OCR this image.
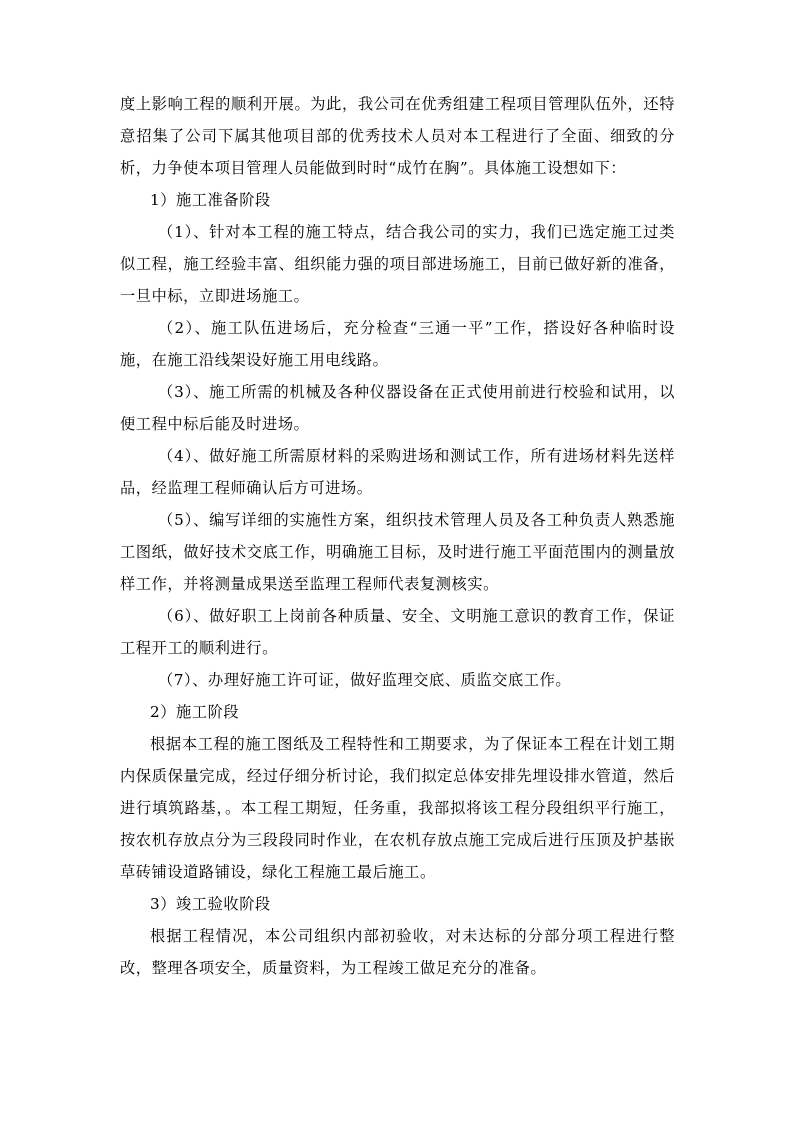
度上影响工程的顺利开展。为此，我公司在优秀组建工程项目管理队伍外，还特意招集了公司下属其他项目部的优秀技术人员对本工程进行了全面、细致的分析，力争使本项目管理人员能做到时时“成竹在胸”。具体施工设想如下：

1）施工准备阶段

（1）、针对本工程的施工特点，结合我公司的实力，我们已选定施工过类似工程，施工经验丰富、组织能力强的项目部进场施工，目前已做好新的准备，一旦中标，立即进场施工。

（2）、施工队伍进场后，充分检查“三通一平”工作，搭设好各种临时设施，在施工沿线架设好施工用电线路。

（3）、施工所需的机械及各种仪器设备在正式使用前进行校验和试用，以便工程中标后能及时进场。

（4）、做好施工所需原材料的采购进场和测试工作，所有进场材料先送样品，经监理工程师确认后方可进场。

（5）、编写详细的实施性方案，组织技术管理人员及各工种负责人熟悉施工图纸，做好技术交底工作，明确施工目标，及时进行施工平面范围内的测量放样工作，并将测量成果送至监理工程师代表复测核实。

（6）、做好职工上岗前各种质量、安全、文明施工意识的教育工作，保证工程开工的顺利进行。

（7）、办理好施工许可证，做好监理交底、质监交底工作。

2）施工阶段

根据本工程的施工图纸及工程特性和工期要求，为了保证本工程在计划工期内保质保量完成，经过仔细分析讨论，我们拟定总体安排先埋设排水管道，然后进行填筑路基，。本工程工期短，任务重，我部拟将该工程分段组织平行施工，按农机存放点分为三段段同时作业，在农机存放点施工完成后进行压顶及护基嵌草砖铺设道路铺设，绿化工程施工最后施工。

3）竣工验收阶段

根据工程情况，本公司组织内部初验收，对未达标的分部分项工程进行整改，整理各项安全，质量资料，为工程竣工做足充分的准备。
